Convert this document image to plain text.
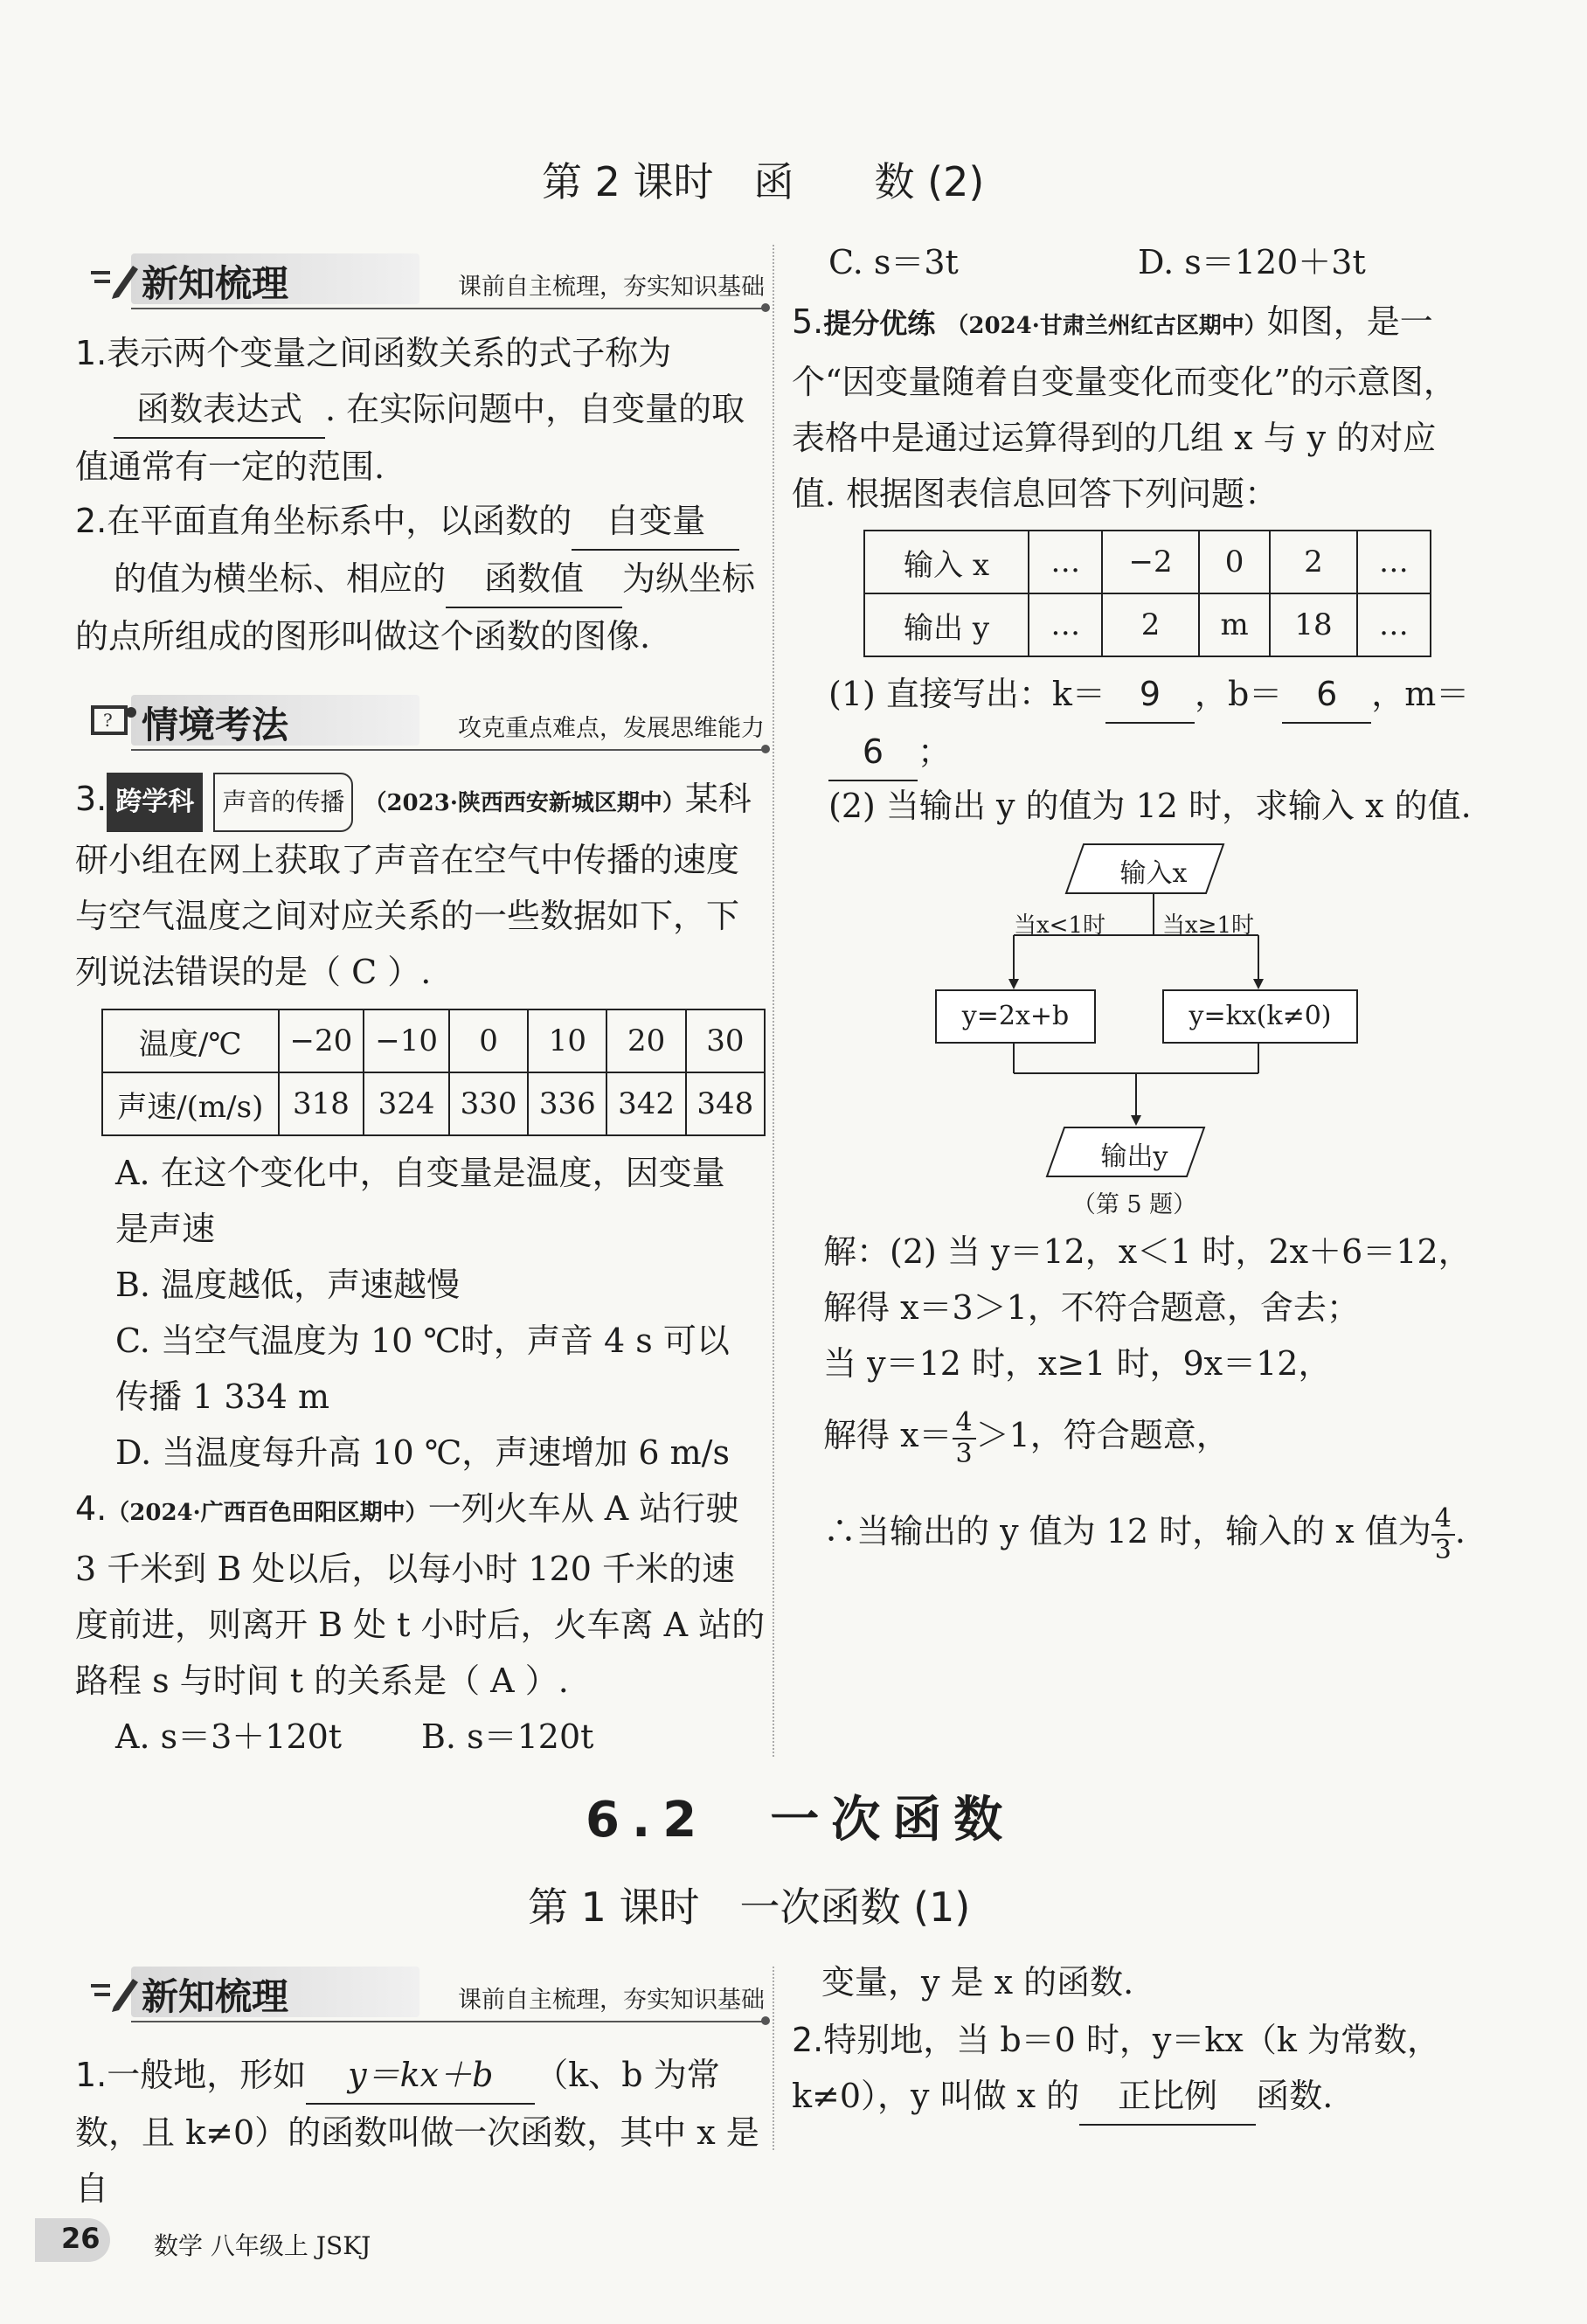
第 2 课时　函　　数 (2)
新知梳理	课前自主梳理，夯实知识基础
1.表示两个变量之间函数关系的式子称为
函数表达式 . 在实际问题中，自变量的取值通常有一定的范围.
2.在平面直角坐标系中，以函数的 自变量
的值为横坐标、相应的 函数值 为纵坐标的点所组成的图形叫做这个函数的图像.
? 情境考法	攻克重点难点，发展思维能力
3. 跨学科 声音的传播 （2023·陕西西安新城区期中）某科研小组在网上获取了声音在空气中传播的速度与空气温度之间对应关系的一些数据如下，下列说法错误的是（ C ）.
温度/℃	−20	−10	0	10	20	30
声速/(m/s)	318	324	330	336	342	348
A. 在这个变化中，自变量是温度，因变量是声速
B. 温度越低，声速越慢
C. 当空气温度为 10 ℃时，声音 4 s 可以传播 1 334 m
D. 当温度每升高 10 ℃，声速增加 6 m/s
4.（2024·广西百色田阳区期中）一列火车从 A 站行驶 3 千米到 B 处以后，以每小时 120 千米的速度前进，则离开 B 处 t 小时后，火车离 A 站的路程 s 与时间 t 的关系是（ A ）.
A. s＝3＋120t B. s＝120t
C. s＝3t	D. s＝120＋3t
5.提分优练 （2024·甘肃兰州红古区期中）如图，是一个“因变量随着自变量变化而变化”的示意图，表格中是通过运算得到的几组 x 与 y 的对应值. 根据图表信息回答下列问题：
输入 x	…	−2	0	2	…
输出 y	…	2	m	18	…
(1) 直接写出：k＝ 9 ，b＝ 6 ，m＝
6 ；
(2) 当输出 y 的值为 12 时，求输入 x 的值.
输入x
当x<1时	当x≥1时
y=2x+b	y=kx(k≠0)
输出y
（第 5 题）
解：(2) 当 y＝12，x＜1 时，2x＋6＝12，
解得 x＝3＞1，不符合题意，舍去；
当 y＝12 时，x≥1 时，9x＝12，
解得 $x= \frac{4}{3} >1$，符合题意，
∴当输出的 y 值为 12 时，输入的 x 值为 $\frac{4}{3}$ .
6.2　一次函数
第 1 课时　一次函数 (1)
新知梳理	课前自主梳理，夯实知识基础
1.一般地，形如 y＝kx＋b （k、b 为常数，且 k≠0）的函数叫做一次函数，其中 x 是自
变量，y 是 x 的函数.
2.特别地，当 b＝0 时，y＝kx（k 为常数，k≠0），y 叫做 x 的 正比例 函数.
26 数学 八年级上 JSKJ
